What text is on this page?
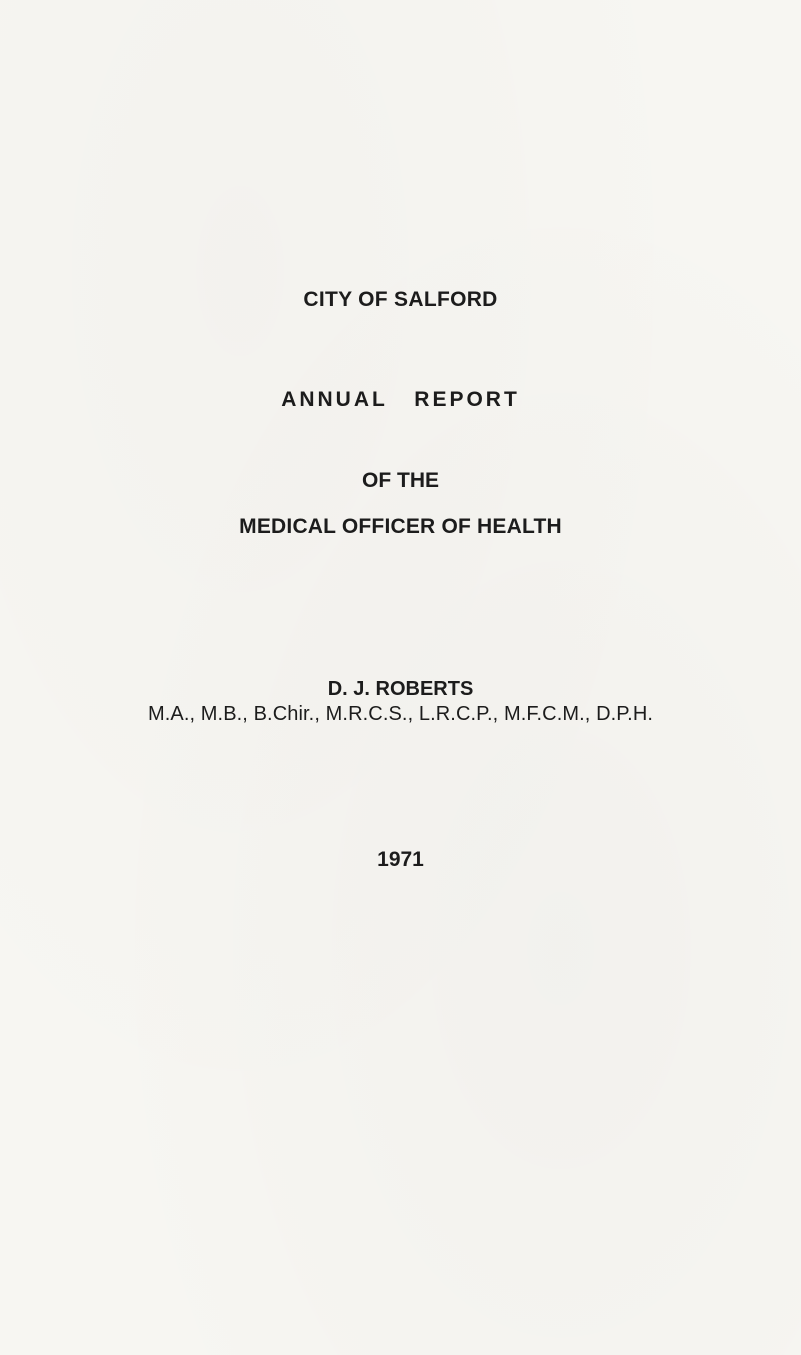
CITY OF SALFORD
ANNUAL REPORT
OF THE
MEDICAL OFFICER OF HEALTH
D. J. ROBERTS
M.A., M.B., B.Chir., M.R.C.S., L.R.C.P., M.F.C.M., D.P.H.
1971
